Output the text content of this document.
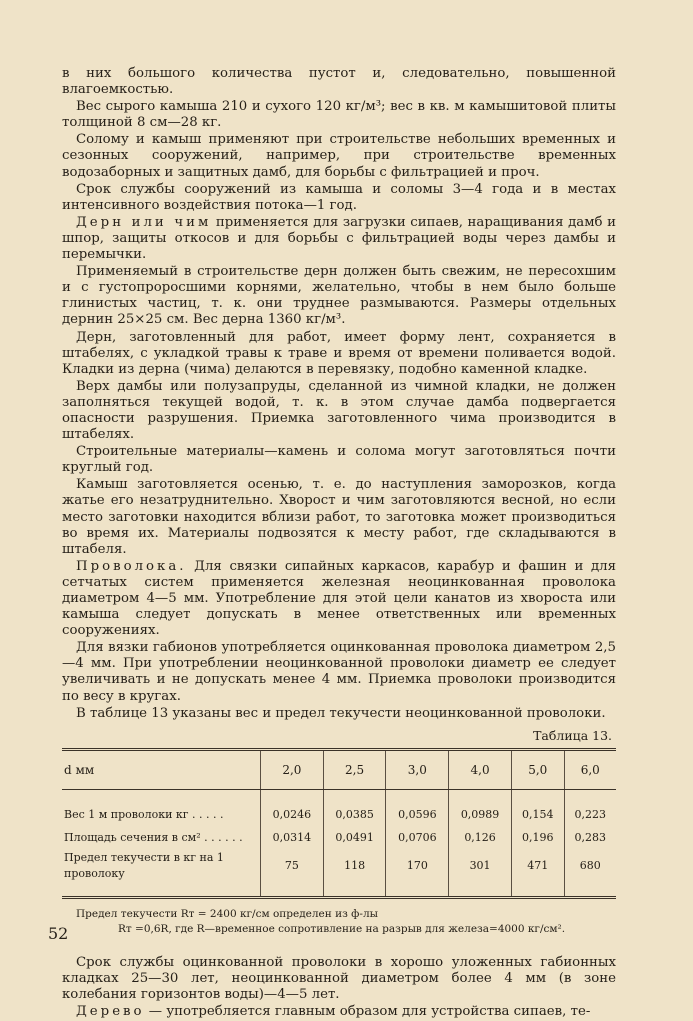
в них большого количества пустот и, следовательно, повышенной влагоемкостью.

Вес сырого камыша 210 и сухого 120 кг/м³; вес в кв. м камышитовой плиты толщиной 8 см—28 кг.

Солому и камыш применяют при строительстве небольших временных и сезонных сооружений, например, при строительстве временных водозаборных и защитных дамб, для борьбы с фильтрацией и проч.

Срок службы сооружений из камыша и соломы 3—4 года и в местах интенсивного воздействия потока—1 год.

Дерн или чим применяется для загрузки сипаев, наращивания дамб и шпор, защиты откосов и для борьбы с фильтрацией воды через дамбы и перемычки.

Применяемый в строительстве дерн должен быть свежим, не пересохшим и с густопроросшими корнями, желательно, чтобы в нем было больше глинистых частиц, т. к. они труднее размываются. Размеры отдельных дернин 25×25 см. Вес дерна 1360 кг/м³.

Дерн, заготовленный для работ, имеет форму лент, сохраняется в штабелях, с укладкой травы к траве и время от времени поливается водой. Кладки из дерна (чима) делаются в перевязку, подобно каменной кладке.

Верх дамбы или полузапруды, сделанной из чимной кладки, не должен заполняться текущей водой, т. к. в этом случае дамба подвергается опасности разрушения. Приемка заготовленного чима производится в штабелях.

Строительные материалы—камень и солома могут заготовляться почти круглый год.

Камыш заготовляется осенью, т. е. до наступления заморозков, когда жатье его незатруднительно. Хворост и чим заготовляются весной, но если место заготовки находится вблизи работ, то заготовка может производиться во время их. Материалы подвозятся к месту работ, где складываются в штабеля.

Проволока. Для связки сипайных каркасов, карабур и фашин и для сетчатых систем применяется железная неоцинкованная проволока диаметром 4—5 мм. Употребление для этой цели канатов из хвороста или камыша следует допускать в менее ответственных или временных сооружениях.

Для вязки габионов употребляется оцинкованная проволока диаметром 2,5—4 мм. При употреблении неоцинкованной проволоки диаметр ее следует увеличивать и не допускать менее 4 мм. Приемка проволоки производится по весу в кругах.

В таблице 13 указаны вес и предел текучести неоцинкованной проволоки.

Таблица 13.
d мм	2,0	2,5	3,0	4,0	5,0	6,0

Вес 1 м проволоки кг . . . . .	0,0246	0,0385	0,0596	0,0989	0,154	0,223
Площадь сечения в см² . . . . . .	0,0314	0,0491	0,0706	0,126	0,196	0,283
Предел текучести в кг на 1 проволоку	75	118	170	301	471	680

Предел текучести Rт = 2400 кг/см определен из ф-лы
Rт =0,6R, где R—временное сопротивление на разрыв для железа=4000 кг/см².

Срок службы оцинкованной проволоки в хорошо уложенных габионных кладках 25—30 лет, неоцинкованной диаметром более 4 мм (в зоне колебания горизонтов воды)—4—5 лет.

Дерево — употребляется главным образом для устройства сипаев, те-

52
